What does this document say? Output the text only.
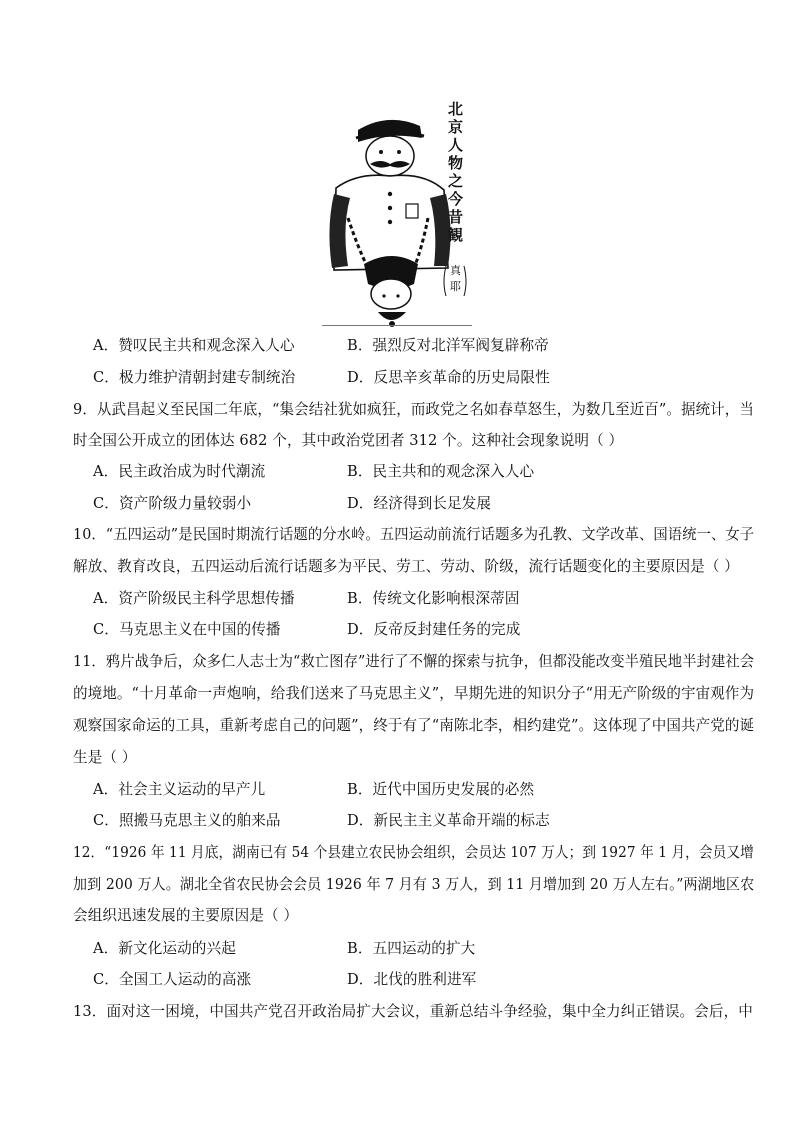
北
京
人
物
之
今
昔
観
真
耶
A．赞叹民主共和观念深入人心	B．强烈反对北洋军阀复辟称帝
C．极力维护清朝封建专制统治	D．反思辛亥革命的历史局限性
9．从武昌起义至民国二年底，“集会结社犹如疯狂，而政党之名如春草怒生，为数几至近百”。据统计，当
时全国公开成立的团体达 682 个，其中政治党团者 312 个。这种社会现象说明（ ）
A．民主政治成为时代潮流	B．民主共和的观念深入人心
C．资产阶级力量较弱小	D．经济得到长足发展
10．“五四运动”是民国时期流行话题的分水岭。五四运动前流行话题多为孔教、文学改革、国语统一、女子
解放、教育改良，五四运动后流行话题多为平民、劳工、劳动、阶级，流行话题变化的主要原因是（ ）
A．资产阶级民主科学思想传播	B．传统文化影响根深蒂固
C．马克思主义在中国的传播	D．反帝反封建任务的完成
11．鸦片战争后，众多仁人志士为“救亡图存”进行了不懈的探索与抗争，但都没能改变半殖民地半封建社会
的境地。“十月革命一声炮响，给我们送来了马克思主义”，早期先进的知识分子“用无产阶级的宇宙观作为
观察国家命运的工具，重新考虑自己的问题”，终于有了“南陈北李，相约建党”。这体现了中国共产党的诞
生是（ ）
A．社会主义运动的早产儿	B．近代中国历史发展的必然
C．照搬马克思主义的舶来品	D．新民主主义革命开端的标志
12．“1926 年 11 月底，湖南已有 54 个县建立农民协会组织，会员达 107 万人；到 1927 年 1 月，会员又增
加到 200 万人。湖北全省农民协会会员 1926 年 7 月有 3 万人，到 11 月增加到 20 万人左右。”两湖地区农
会组织迅速发展的主要原因是（ ）
A．新文化运动的兴起	B．五四运动的扩大
C．全国工人运动的高涨	D．北伐的胜利进军
13．面对这一困境，中国共产党召开政治局扩大会议，重新总结斗争经验，集中全力纠正错误。会后，中
